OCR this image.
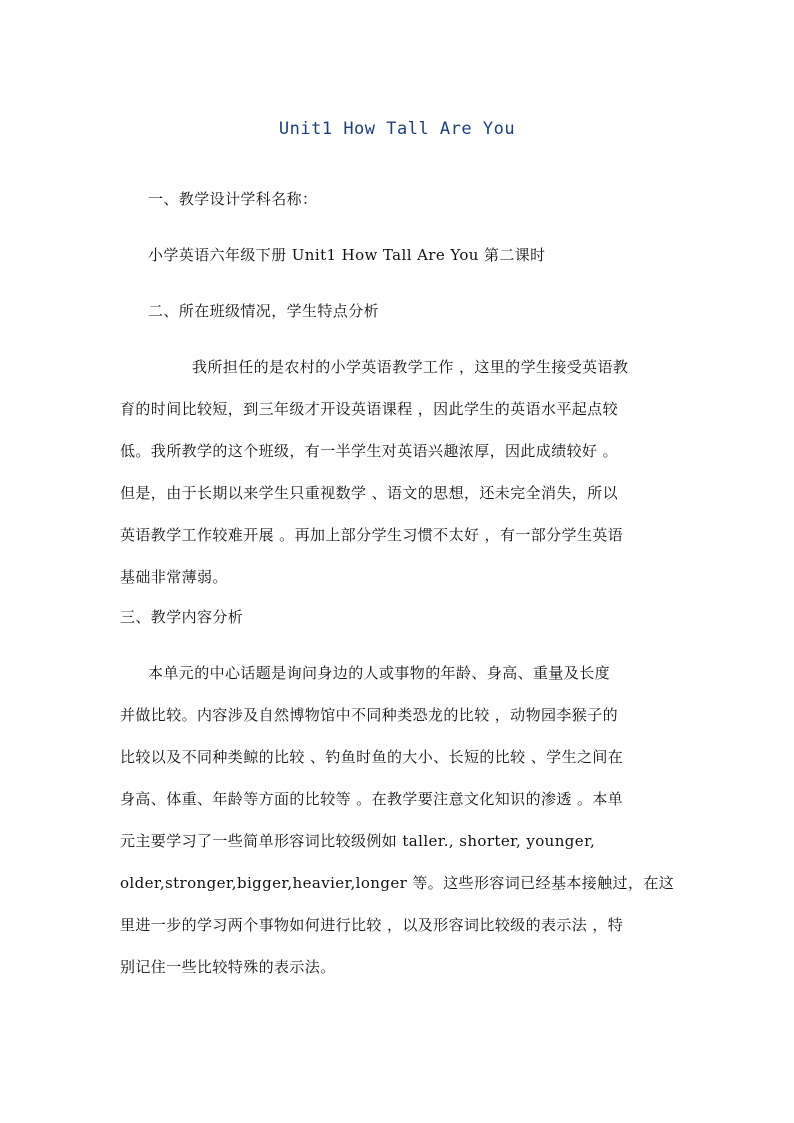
Unit1 How Tall Are You
一、教学设计学科名称：
小学英语六年级下册 Unit1 How Tall Are You 第二课时
二、所在班级情况，学生特点分析
我所担任的是农村的小学英语教学工作 ，这里的学生接受英语教
育的时间比较短，到三年级才开设英语课程 ，因此学生的英语水平起点较
低。我所教学的这个班级，有一半学生对英语兴趣浓厚，因此成绩较好 。
但是，由于长期以来学生只重视数学 、语文的思想，还未完全消失，所以
英语教学工作较难开展 。再加上部分学生习惯不太好 ，有一部分学生英语
基础非常薄弱。
三、教学内容分析
本单元的中心话题是询问身边的人或事物的年龄、身高、重量及长度
并做比较。内容涉及自然博物馆中不同种类恐龙的比较 ，动物园李猴子的
比较以及不同种类鲸的比较 、钓鱼时鱼的大小、长短的比较 、学生之间在
身高、体重、年龄等方面的比较等 。在教学要注意文化知识的渗透 。本单
元主要学习了一些简单形容词比较级例如 taller., shorter, younger,
older,stronger,bigger,heavier,longer 等。这些形容词已经基本接触过，在这
里进一步的学习两个事物如何进行比较 ，以及形容词比较级的表示法 ，特
别记住一些比较特殊的表示法。
